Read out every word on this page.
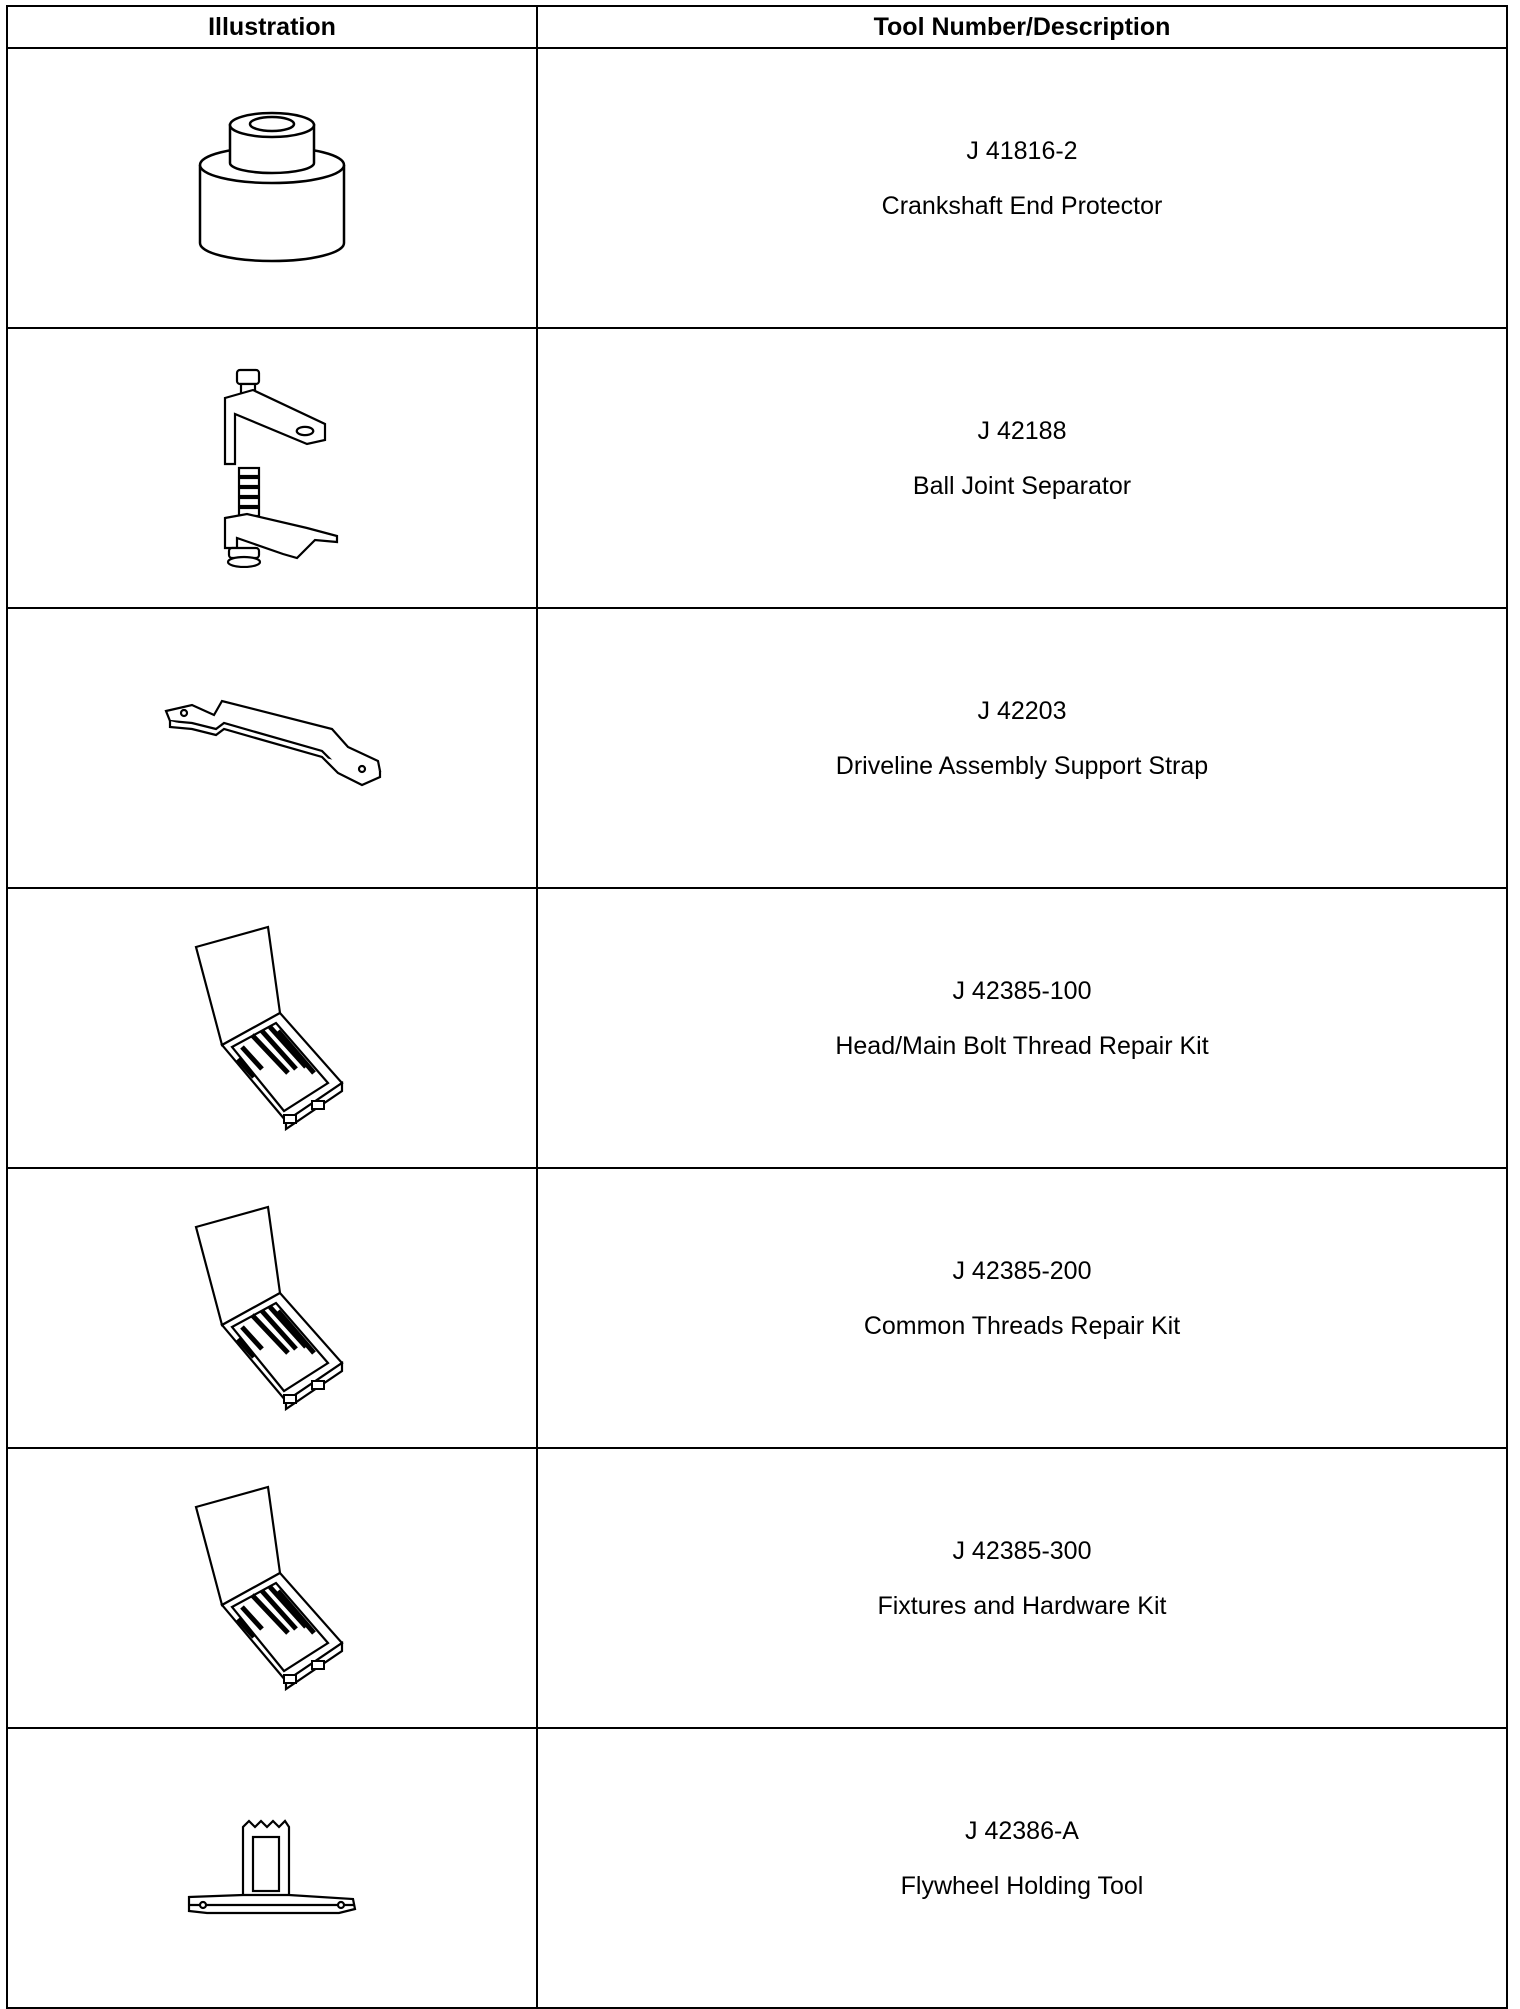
Illustration	Tool Number/Description

J 41816-2
Crankshaft End Protector

J 42188
Ball Joint Separator

J 42203
Driveline Assembly Support Strap

J 42385-100
Head/Main Bolt Thread Repair Kit

J 42385-200
Common Threads Repair Kit

J 42385-300
Fixtures and Hardware Kit

J 42386-A
Flywheel Holding Tool
